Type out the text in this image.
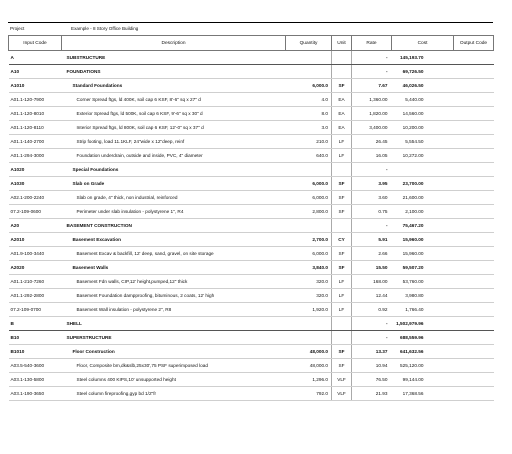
Project	Example - 8 Story Office Building
Input Code	Description	Quantity	Unit	Rate	Cost	Output Code
A	SUBSTRUCTURE			-	145,193.70	
A10	FOUNDATIONS			-	69,726.50	
A1010	Standard Foundations	6,000.0	SF	7.67	46,026.50	
A01.1-120-7900	Corner Spread ftgs, ld 400K, soil cap 6 KSF, 8'-6" sq x 27" d	4.0	EA	1,360.00	5,440.00	
A01.1-120-8010	Exterior Spread ftgs, ld 500K, soil cap 6 KSF, 9'-6" sq x 30" d	8.0	EA	1,820.00	14,560.00	
A01.1-120-8110	Interior Spread ftgs, ld 800K, soil cap 6 KSF, 12'-0" sq x 37" d	3.0	EA	3,400.00	10,200.00	
A01.1-140-2700	Strip footing, load 11.1KLF, 24"wide x 12"deep, reinf	210.0	LF	26.45	5,554.50	
A01.1-294-3000	Foundation underdrain, outside and inside, PVC, 4" diameter	640.0	LF	16.05	10,272.00	
A1020	Special Foundations			-		
A1030	Slab on Grade	6,000.0	SF	3.95	23,700.00	
A02.1-200-2240	Slab on grade, 4" thick, non industrial, reinforced	6,000.0	SF	3.60	21,600.00	
07.2-109-0600	Perimeter under slab insulation - polystyrene 1", R4	2,800.0	SF	0.75	2,100.00	
A20	BASEMENT CONSTRUCTION			-	75,467.20	
A2010	Basement Excavation	2,700.0	CY	5.91	15,960.00	
A01.9-100-3440	Basement Excav & backfill, 12' deep, sand, gravel, on site storage	6,000.0	SF	2.66	15,960.00	
A2020	Basement Walls	3,840.0	SF	15.50	59,507.20	
A01.1-210-7260	Basement Fdn walls, CIP,12' height,pumped,12" thick	320.0	LF	168.00	53,760.00	
A01.1-292-2800	Basement Foundation dampproofing, bituminous, 2 coats, 12' high	320.0	LF	12.44	3,980.80	
07.2-109-0700	Basement Wall insulation - polystyrene 2", R8	1,920.0	LF	0.92	1,766.40	
B	SHELL			-	1,502,979.96	
B10	SUPERSTRUCTURE			-	688,559.96	
B1010	Floor Construction	48,000.0	SF	13.37	641,632.56	
A03.5-540-3600	Floor, Composite bm,dk&slb,25x30',75 PSF superimposed load	48,000.0	SF	10.94	525,120.00	
A03.1-130-5800	Steel columns 400 KIPS,10' unsupported height	1,296.0	VLF	76.50	99,144.00	
A03.1-190-3650	Steel column fireproofing,gyp bd 1/2"fr	792.0	VLF	21.93	17,368.56	
